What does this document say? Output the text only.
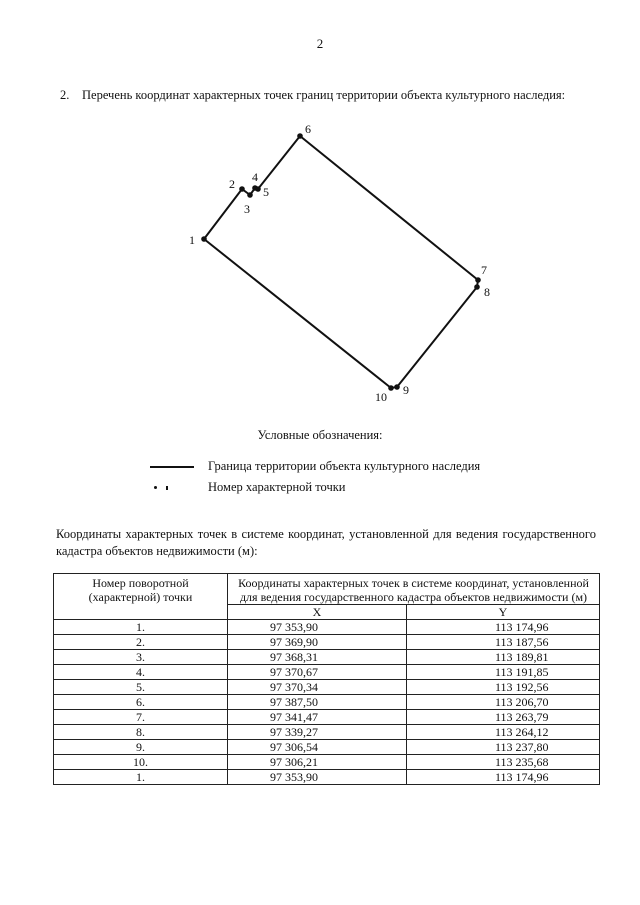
2
2. Перечень координат характерных точек границ территории объекта культурного наследия:
1
2
3
4
5
6
7
8
9
10
Условные обозначения:
Граница территории объекта культурного наследия
Номер характерной точки
Координаты характерных точек в системе координат, установленной для ведения государственного кадастра объектов недвижимости (м):
Номер поворотной (характерной) точки	Координаты характерных точек в системе координат, установленной для ведения государственного кадастра объектов недвижимости (м)	
	X	Y
1.	97 353,90	113 174,96
2.	97 369,90	113 187,56
3.	97 368,31	113 189,81
4.	97 370,67	113 191,85
5.	97 370,34	113 192,56
6.	97 387,50	113 206,70
7.	97 341,47	113 263,79
8.	97 339,27	113 264,12
9.	97 306,54	113 237,80
10.	97 306,21	113 235,68
1.	97 353,90	113 174,96
